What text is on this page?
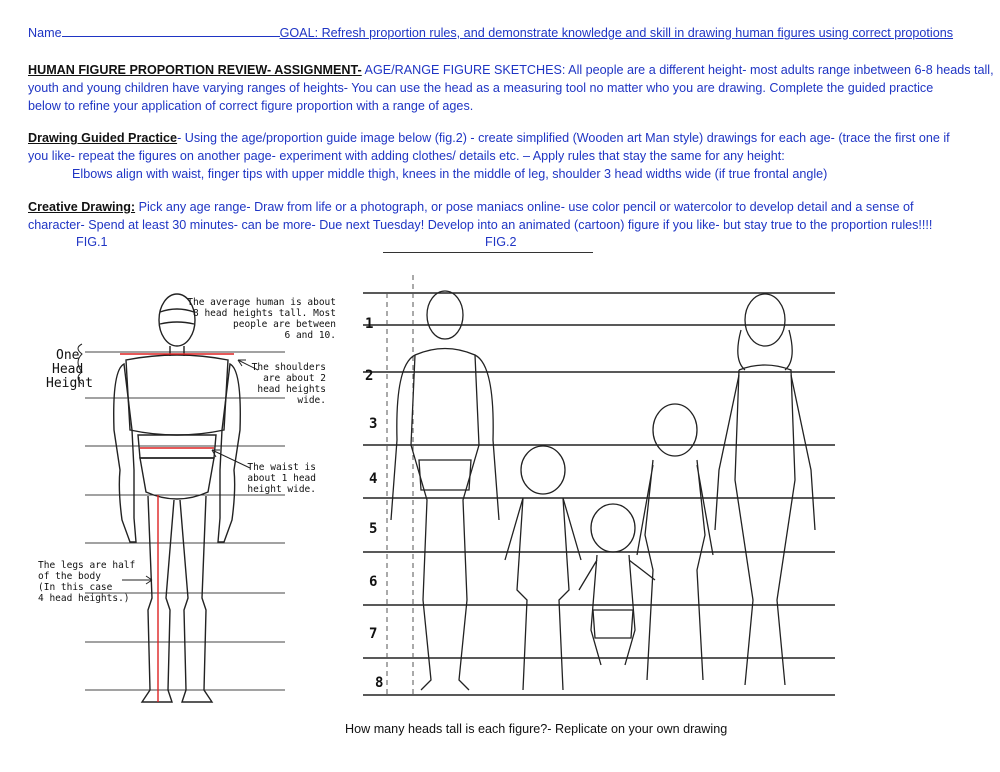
Name	GOAL: Refresh proportion rules, and demonstrate knowledge and skill in drawing human figures using correct propotions
HUMAN FIGURE PROPORTION REVIEW- ASSIGNMENT- AGE/RANGE FIGURE SKETCHES: All people are a different height- most adults range inbetween 6-8 heads tall,
youth and young children have varying ranges of heights- You can use the head as a measuring tool no matter who you are drawing. Complete the guided practice
below to refine your application of correct figure proportion with a range of ages.
Drawing Guided Practice- Using the age/proportion guide image below (fig.2) - create simplified (Wooden art Man style) drawings for each age- (trace the first one if
you like- repeat the figures on another page- experiment with adding clothes/ details etc. – Apply rules that stay the same for any height:
Elbows align with waist, finger tips with upper middle thigh, knees in the middle of leg, shoulder 3 head widths wide (if true frontal angle)
Creative Drawing: Pick any age range- Draw from life or a photograph, or pose maniacs online- use color pencil or watercolor to develop detail and a sense of
character- Spend at least 30 minutes- can be more- Due next Tuesday! Develop into an animated (cartoon) figure if you like- but stay true to the proportion rules!!!!
FIG.1	FIG.2
One
Head
Height
The average human is about
8 head heights tall. Most
people are between
6 and 10.
The shoulders
are about 2
head heights
wide.
The waist is
about 1 head
height wide.
The legs are half
of the body
(In this case
4 head heights.)
1
2
3
4
5
6
7
8
How many heads tall is each figure?- Replicate on your own drawing
